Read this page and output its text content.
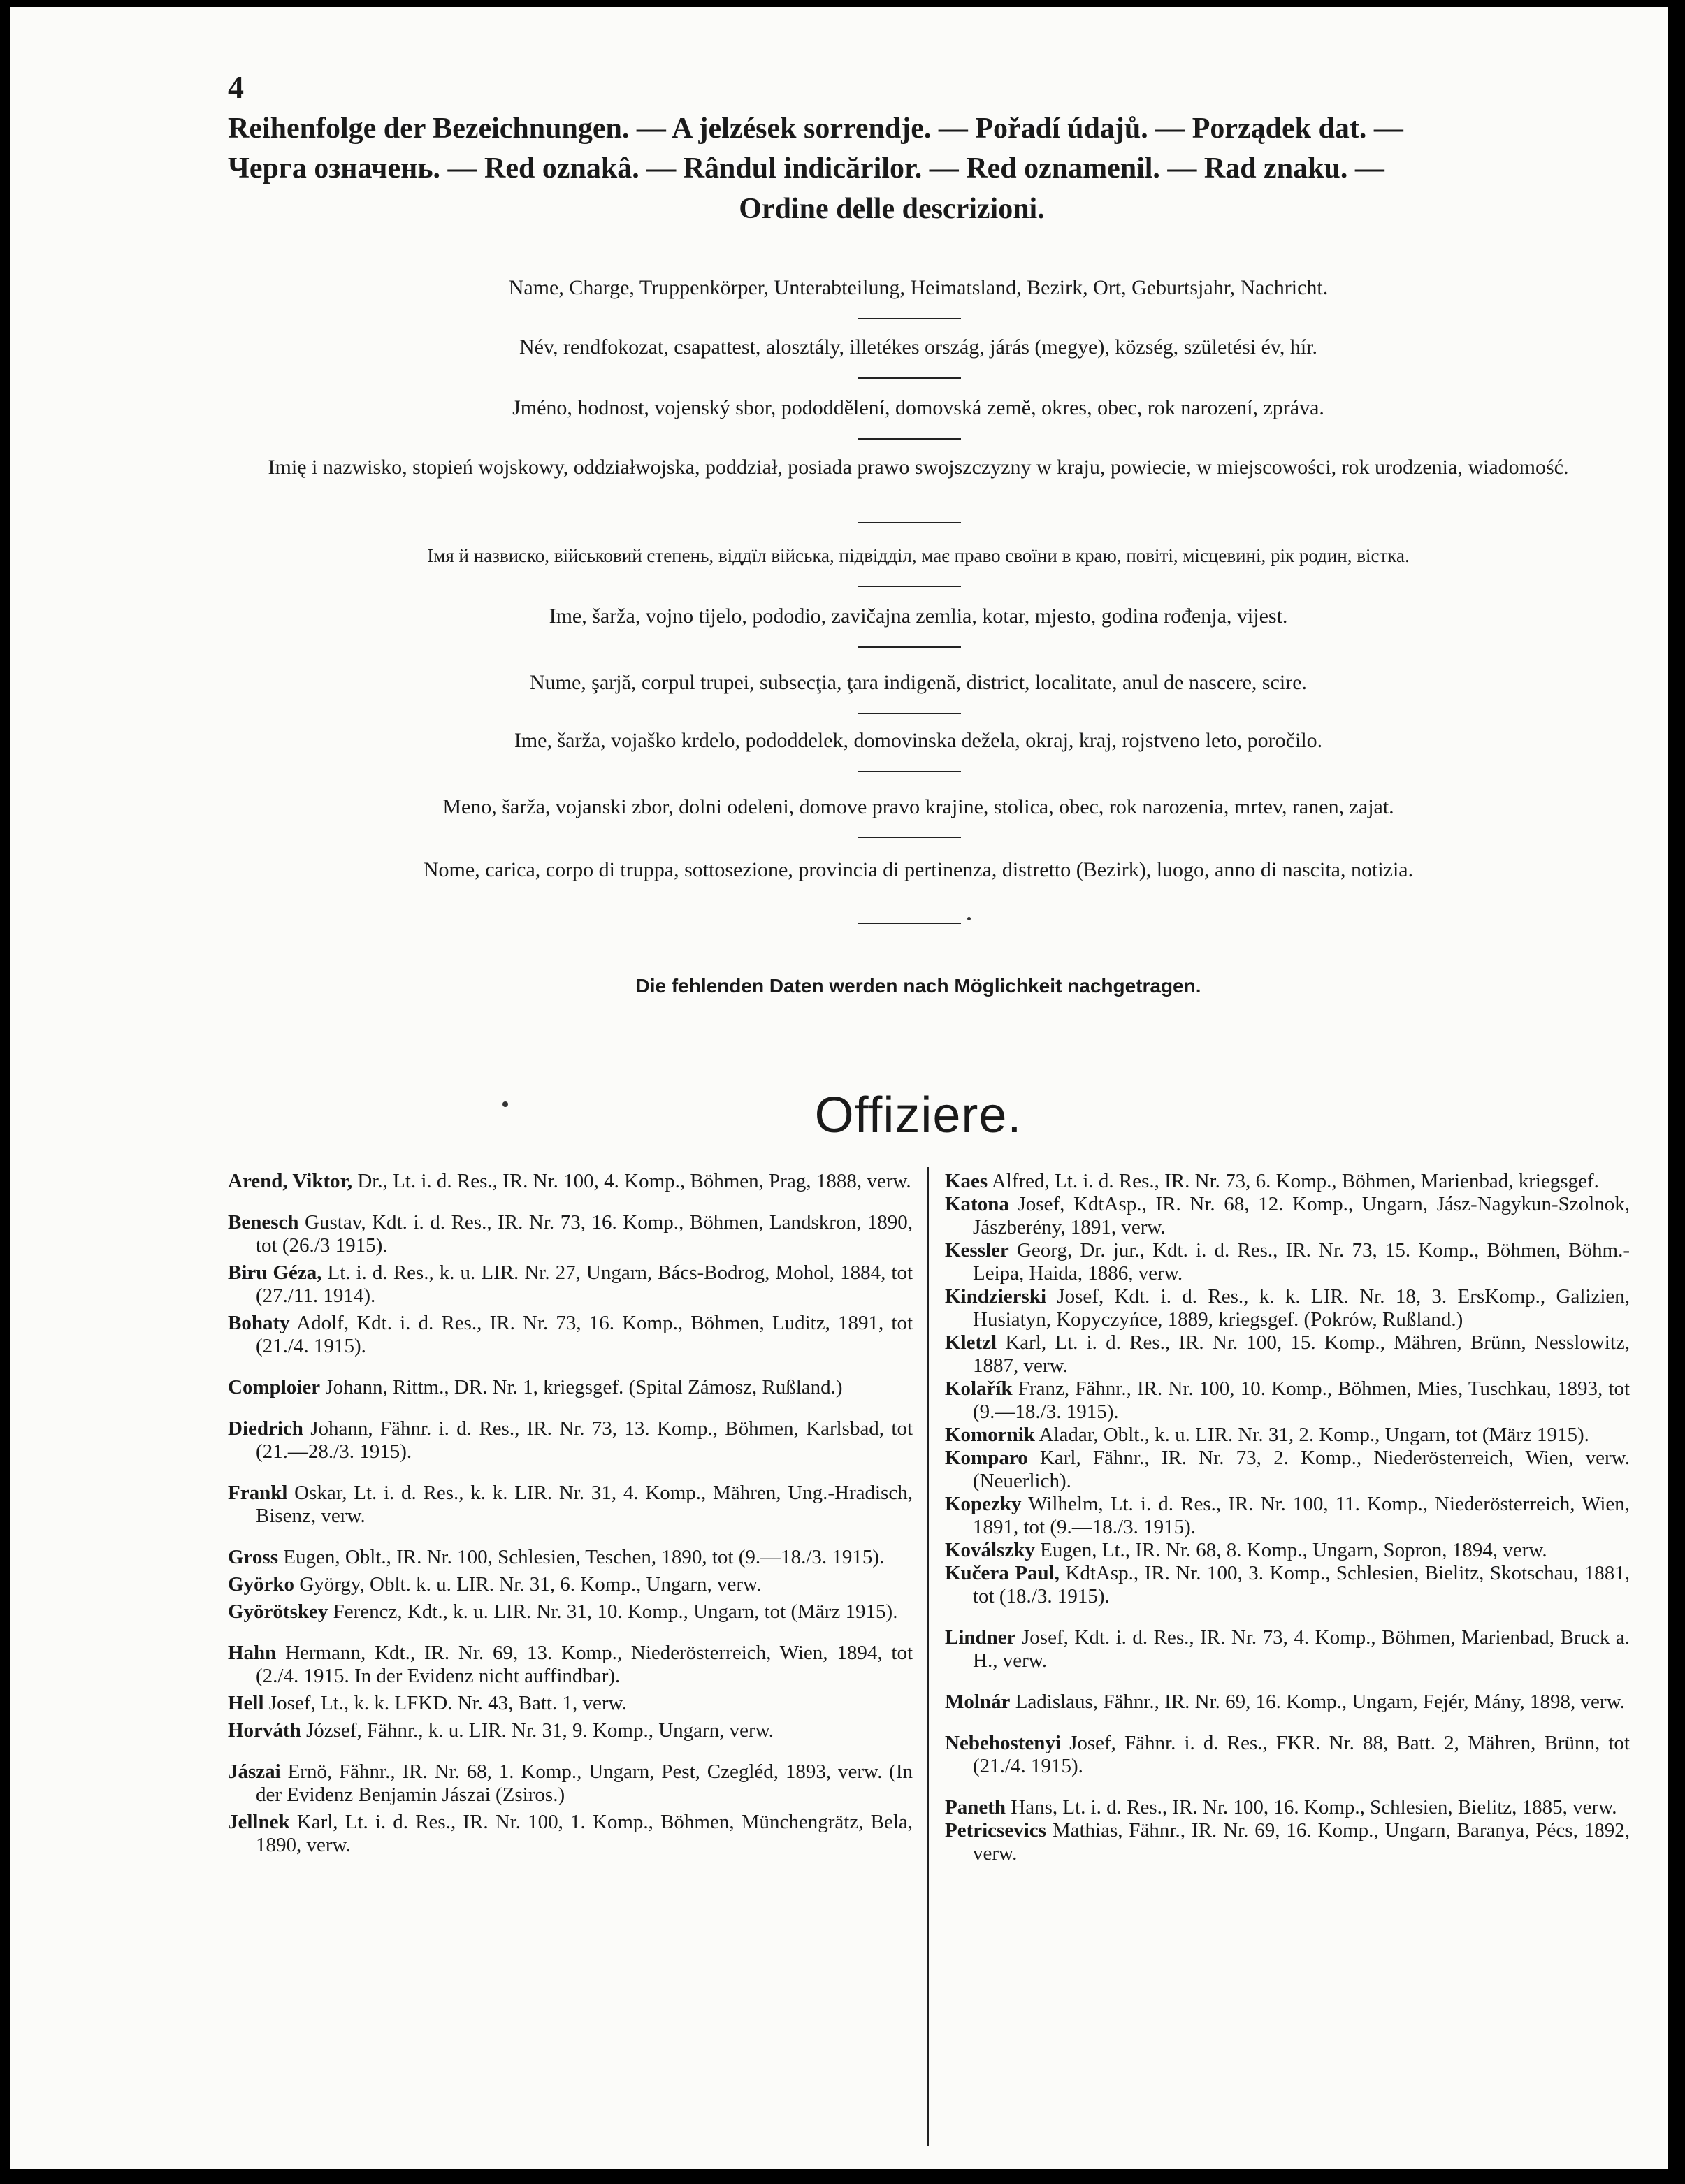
4
Reihenfolge der Bezeichnungen. — A jelzések sorrendje. — Pořadí údajů. — Porządek dat. —
Черга означень. — Red oznakâ. — Rândul indicărilor. — Red oznamenil. — Rad znaku. —
Ordine delle descrizioni.
Name, Charge, Truppenkörper, Unterabteilung, Heimatsland, Bezirk, Ort, Geburtsjahr, Nachricht.
Név, rendfokozat, csapattest, alosztály, illetékes ország, járás (megye), község, születési év, hír.
Jméno, hodnost, vojenský sbor, pododdělení, domovská země, okres, obec, rok narození, zpráva.
Imię i nazwisko, stopień wojskowy, oddziałwojska, poddział, posiada prawo swojszczyzny w kraju, powiecie, w miejscowości, rok urodzenia, wiadomość.
Імя й назвиско, військовий степень, віддїл війська, підвідділ, має право своїни в краю, повіті, місцевині, рік родин, вістка.
Ime, šarža, vojno tijelo, pododio, zavičajna zemlia, kotar, mjesto, godina rođenja, vijest.
Nume, şarjă, corpul trupei, subsecţia, ţara indigenă, district, localitate, anul de nascere, scire.
Ime, šarža, vojaško krdelo, pododdelek, domovinska dežela, okraj, kraj, rojstveno leto, poročilo.
Meno, šarža, vojanski zbor, dolni odeleni, domove pravo krajine, stolica, obec, rok narozenia, mrtev, ranen, zajat.
Nome, carica, corpo di truppa, sottosezione, provincia di pertinenza, distretto (Bezirk), luogo, anno di nascita, notizia.
Die fehlenden Daten werden nach Möglichkeit nachgetragen.
Offiziere.
Arend, Viktor, Dr., Lt. i. d. Res., IR. Nr. 100, 4. Komp., Böhmen, Prag, 1888, verw.
Benesch Gustav, Kdt. i. d. Res., IR. Nr. 73, 16. Komp., Böhmen, Landskron, 1890, tot (26./3 1915).
Biru Géza, Lt. i. d. Res., k. u. LIR. Nr. 27, Ungarn, Bács-Bodrog, Mohol, 1884, tot (27./11. 1914).
Bohaty Adolf, Kdt. i. d. Res., IR. Nr. 73, 16. Komp., Böhmen, Luditz, 1891, tot (21./4. 1915).
Comploier Johann, Rittm., DR. Nr. 1, kriegsgef. (Spital Zámosz, Rußland.)
Diedrich Johann, Fähnr. i. d. Res., IR. Nr. 73, 13. Komp., Böhmen, Karlsbad, tot (21.—28./3. 1915).
Frankl Oskar, Lt. i. d. Res., k. k. LIR. Nr. 31, 4. Komp., Mähren, Ung.-Hradisch, Bisenz, verw.
Gross Eugen, Oblt., IR. Nr. 100, Schlesien, Teschen, 1890, tot (9.—18./3. 1915).
Györko György, Oblt. k. u. LIR. Nr. 31, 6. Komp., Ungarn, verw.
Györötskey Ferencz, Kdt., k. u. LIR. Nr. 31, 10. Komp., Ungarn, tot (März 1915).
Hahn Hermann, Kdt., IR. Nr. 69, 13. Komp., Niederösterreich, Wien, 1894, tot (2./4. 1915. In der Evidenz nicht auffindbar).
Hell Josef, Lt., k. k. LFKD. Nr. 43, Batt. 1, verw.
Horváth József, Fähnr., k. u. LIR. Nr. 31, 9. Komp., Ungarn, verw.
Jászai Ernö, Fähnr., IR. Nr. 68, 1. Komp., Ungarn, Pest, Czegléd, 1893, verw. (In der Evidenz Benjamin Jászai (Zsiros.)
Jellnek Karl, Lt. i. d. Res., IR. Nr. 100, 1. Komp., Böhmen, Münchengrätz, Bela, 1890, verw.
Kaes Alfred, Lt. i. d. Res., IR. Nr. 73, 6. Komp., Böhmen, Marienbad, kriegsgef.
Katona Josef, KdtAsp., IR. Nr. 68, 12. Komp., Ungarn, Jász-Nagykun-Szolnok, Jászberény, 1891, verw.
Kessler Georg, Dr. jur., Kdt. i. d. Res., IR. Nr. 73, 15. Komp., Böhmen, Böhm.-Leipa, Haida, 1886, verw.
Kindzierski Josef, Kdt. i. d. Res., k. k. LIR. Nr. 18, 3. ErsKomp., Galizien, Husiatyn, Kopyczyńce, 1889, kriegsgef. (Pokrów, Rußland.)
Kletzl Karl, Lt. i. d. Res., IR. Nr. 100, 15. Komp., Mähren, Brünn, Nesslowitz, 1887, verw.
Kolařík Franz, Fähnr., IR. Nr. 100, 10. Komp., Böhmen, Mies, Tuschkau, 1893, tot (9.—18./3. 1915).
Komornik Aladar, Oblt., k. u. LIR. Nr. 31, 2. Komp., Ungarn, tot (März 1915).
Komparo Karl, Fähnr., IR. Nr. 73, 2. Komp., Niederösterreich, Wien, verw. (Neuerlich).
Kopezky Wilhelm, Lt. i. d. Res., IR. Nr. 100, 11. Komp., Niederösterreich, Wien, 1891, tot (9.—18./3. 1915).
Koválszky Eugen, Lt., IR. Nr. 68, 8. Komp., Ungarn, Sopron, 1894, verw.
Kučera Paul, KdtAsp., IR. Nr. 100, 3. Komp., Schlesien, Bielitz, Skotschau, 1881, tot (18./3. 1915).
Lindner Josef, Kdt. i. d. Res., IR. Nr. 73, 4. Komp., Böhmen, Marienbad, Bruck a. H., verw.
Molnár Ladislaus, Fähnr., IR. Nr. 69, 16. Komp., Ungarn, Fejér, Mány, 1898, verw.
Nebehostenyi Josef, Fähnr. i. d. Res., FKR. Nr. 88, Batt. 2, Mähren, Brünn, tot (21./4. 1915).
Paneth Hans, Lt. i. d. Res., IR. Nr. 100, 16. Komp., Schlesien, Bielitz, 1885, verw.
Petricsevics Mathias, Fähnr., IR. Nr. 69, 16. Komp., Ungarn, Baranya, Pécs, 1892, verw.
